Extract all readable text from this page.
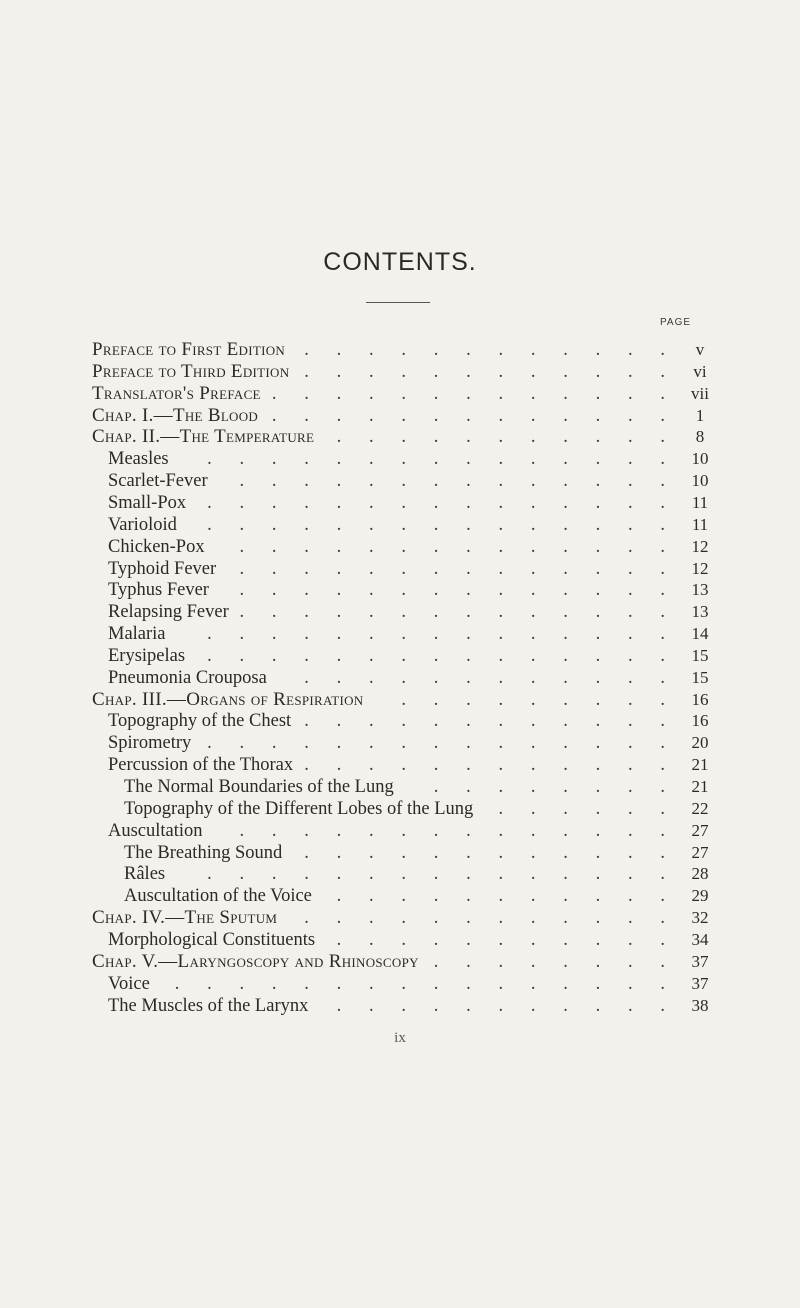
CONTENTS.
PAGE
Preface to First Edition .  .  .  .  .  .  .  .  .  .  .  .	v
Preface to Third Edition .  .  .  .  .  .  .  .  .  .  .  .	vi
Translator's Preface .  .  .  .  .  .  .  .  .  .  .  .  .	vii
Chap. I.—The Blood .  .  .  .  .  .  .  .  .  .  .  .  .	1
Chap. II.—The Temperature .  .  .  .  .  .  .  .  .  .  .	8
Measles .  .  .  .  .  .  .  .  .  .  .  .  .  .  .	10
Scarlet-Fever .  .  .  .  .  .  .  .  .  .  .  .  .  .	10
Small-Pox .  .  .  .  .  .  .  .  .  .  .  .  .  .  .	11
Varioloid .  .  .  .  .  .  .  .  .  .  .  .  .  .  .	11
Chicken-Pox .  .  .  .  .  .  .  .  .  .  .  .  .  .	12
Typhoid Fever .  .  .  .  .  .  .  .  .  .  .  .  .  .	12
Typhus Fever .  .  .  .  .  .  .  .  .  .  .  .  .  .	13
Relapsing Fever .  .  .  .  .  .  .  .  .  .  .  .  .  .	13
Malaria .  .  .  .  .  .  .  .  .  .  .  .  .  .  .	14
Erysipelas .  .  .  .  .  .  .  .  .  .  .  .  .  .  .	15
Pneumonia Crouposa .  .  .  .  .  .  .  .  .  .  .  .	15
Chap. III.—Organs of Respiration .  .  .  .  .  .  .  .  .	16
Topography of the Chest .  .  .  .  .  .  .  .  .  .  .  .	16
Spirometry .  .  .  .  .  .  .  .  .  .  .  .  .  .  .	20
Percussion of the Thorax .  .  .  .  .  .  .  .  .  .  .  .	21
The Normal Boundaries of the Lung .  .  .  .  .  .  .  .	21
Topography of the Different Lobes of the Lung .  .  .  .  .  .	22
Auscultation .  .  .  .  .  .  .  .  .  .  .  .  .  .	27
The Breathing Sound .  .  .  .  .  .  .  .  .  .  .  .	27
Râles .  .  .  .  .  .  .  .  .  .  .  .  .  .  .	28
Auscultation of the Voice .  .  .  .  .  .  .  .  .  .  .	29
Chap. IV.—The Sputum .  .  .  .  .  .  .  .  .  .  .  .	32
Morphological Constituents .  .  .  .  .  .  .  .  .  .  .	34
Chap. V.—Laryngoscopy and Rhinoscopy .  .  .  .  .  .  .  .	37
Voice .  .  .  .  .  .  .  .  .  .  .  .  .  .  .  .	37
The Muscles of the Larynx .  .  .  .  .  .  .  .  .  .  .	38
ix
